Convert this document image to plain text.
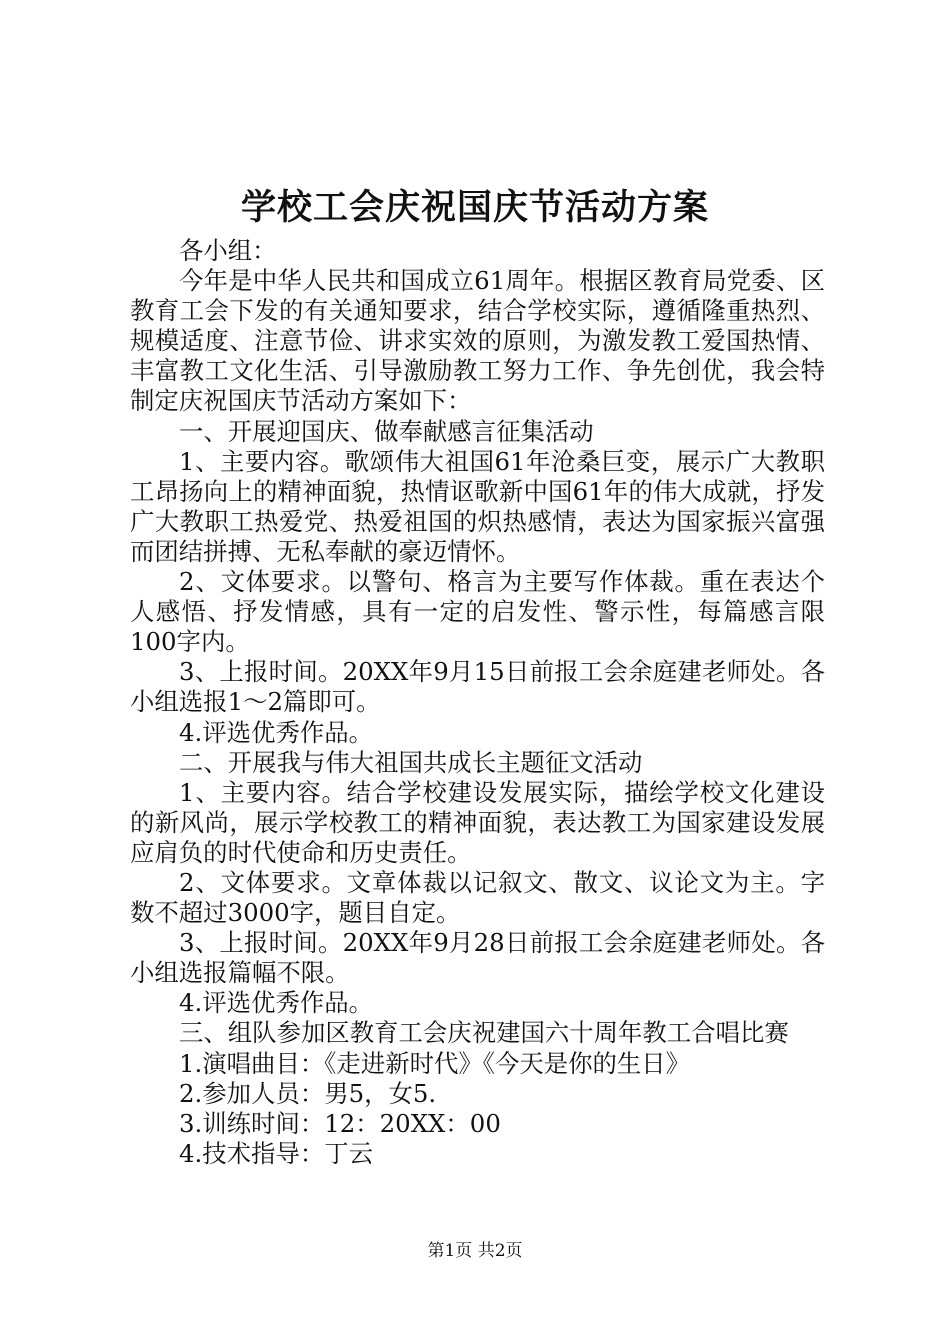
学校工会庆祝国庆节活动方案

各小组：

今年是中华人民共和国成立61周年。根据区教育局党委、区教育工会下发的有关通知要求，结合学校实际，遵循隆重热烈、规模适度、注意节俭、讲求实效的原则，为激发教工爱国热情、丰富教工文化生活、引导激励教工努力工作、争先创优，我会特制定庆祝国庆节活动方案如下：

一、开展迎国庆、做奉献感言征集活动

1、主要内容。歌颂伟大祖国61年沧桑巨变，展示广大教职工昂扬向上的精神面貌，热情讴歌新中国61年的伟大成就，抒发广大教职工热爱党、热爱祖国的炽热感情，表达为国家振兴富强而团结拼搏、无私奉献的豪迈情怀。

2、文体要求。以警句、格言为主要写作体裁。重在表达个人感悟、抒发情感，具有一定的启发性、警示性，每篇感言限100字内。

3、上报时间。20XX年9月15日前报工会余庭建老师处。各小组选报1～2篇即可。

4.评选优秀作品。

二、开展我与伟大祖国共成长主题征文活动

1、主要内容。结合学校建设发展实际，描绘学校文化建设的新风尚，展示学校教工的精神面貌，表达教工为国家建设发展应肩负的时代使命和历史责任。

2、文体要求。文章体裁以记叙文、散文、议论文为主。字数不超过3000字，题目自定。

3、上报时间。20XX年9月28日前报工会余庭建老师处。各小组选报篇幅不限。

4.评选优秀作品。

三、组队参加区教育工会庆祝建国六十周年教工合唱比赛

1.演唱曲目：《走进新时代》《今天是你的生日》

2.参加人员：男5，女5.

3.训练时间：12：20XX：00

4.技术指导：丁云

第1页 共2页
